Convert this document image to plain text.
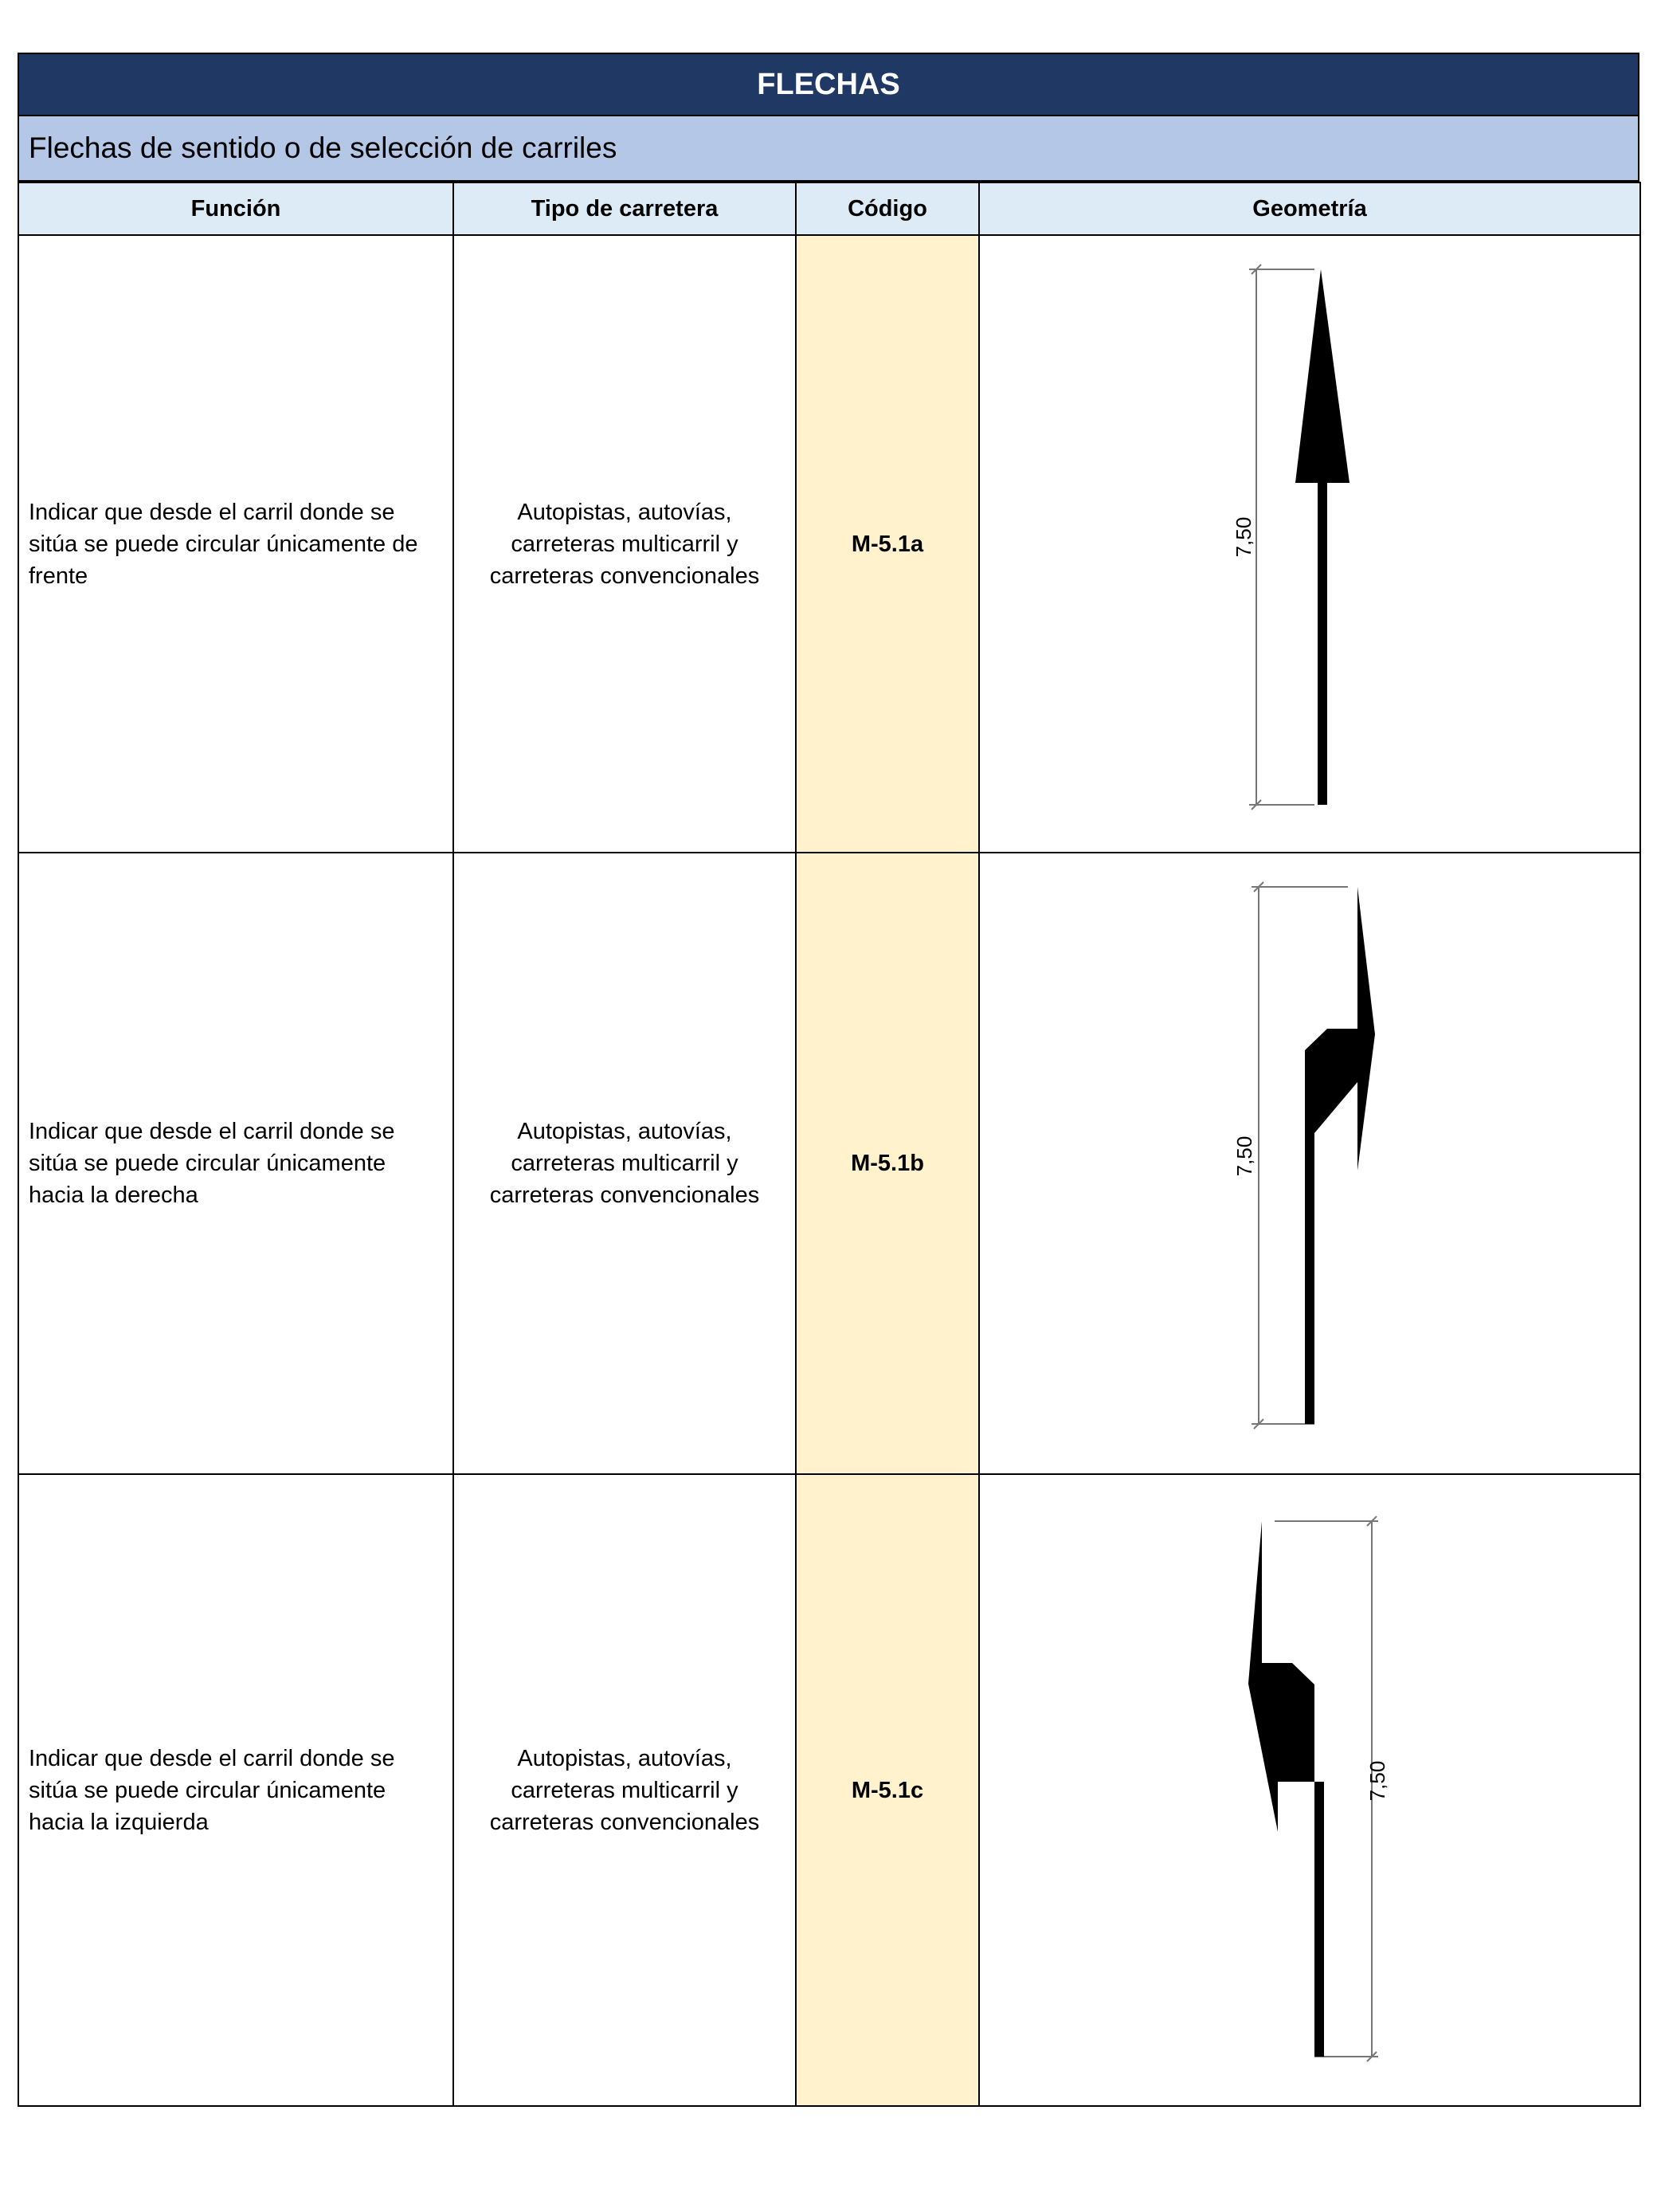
FLECHAS
Flechas de sentido o de selección de carriles
Función	Tipo de carretera	Código	Geometría
Indicar que desde el carril donde se sitúa se puede circular únicamente de frente	Autopistas, autovías, carreteras multicarril y carreteras convencionales	M-5.1a	7,50

Indicar que desde el carril donde se sitúa se puede circular únicamente hacia la derecha	Autopistas, autovías, carreteras multicarril y carreteras convencionales	M-5.1b	7,50

Indicar que desde el carril donde se sitúa se puede circular únicamente hacia la izquierda	Autopistas, autovías, carreteras multicarril y carreteras convencionales	M-5.1c	7,50
